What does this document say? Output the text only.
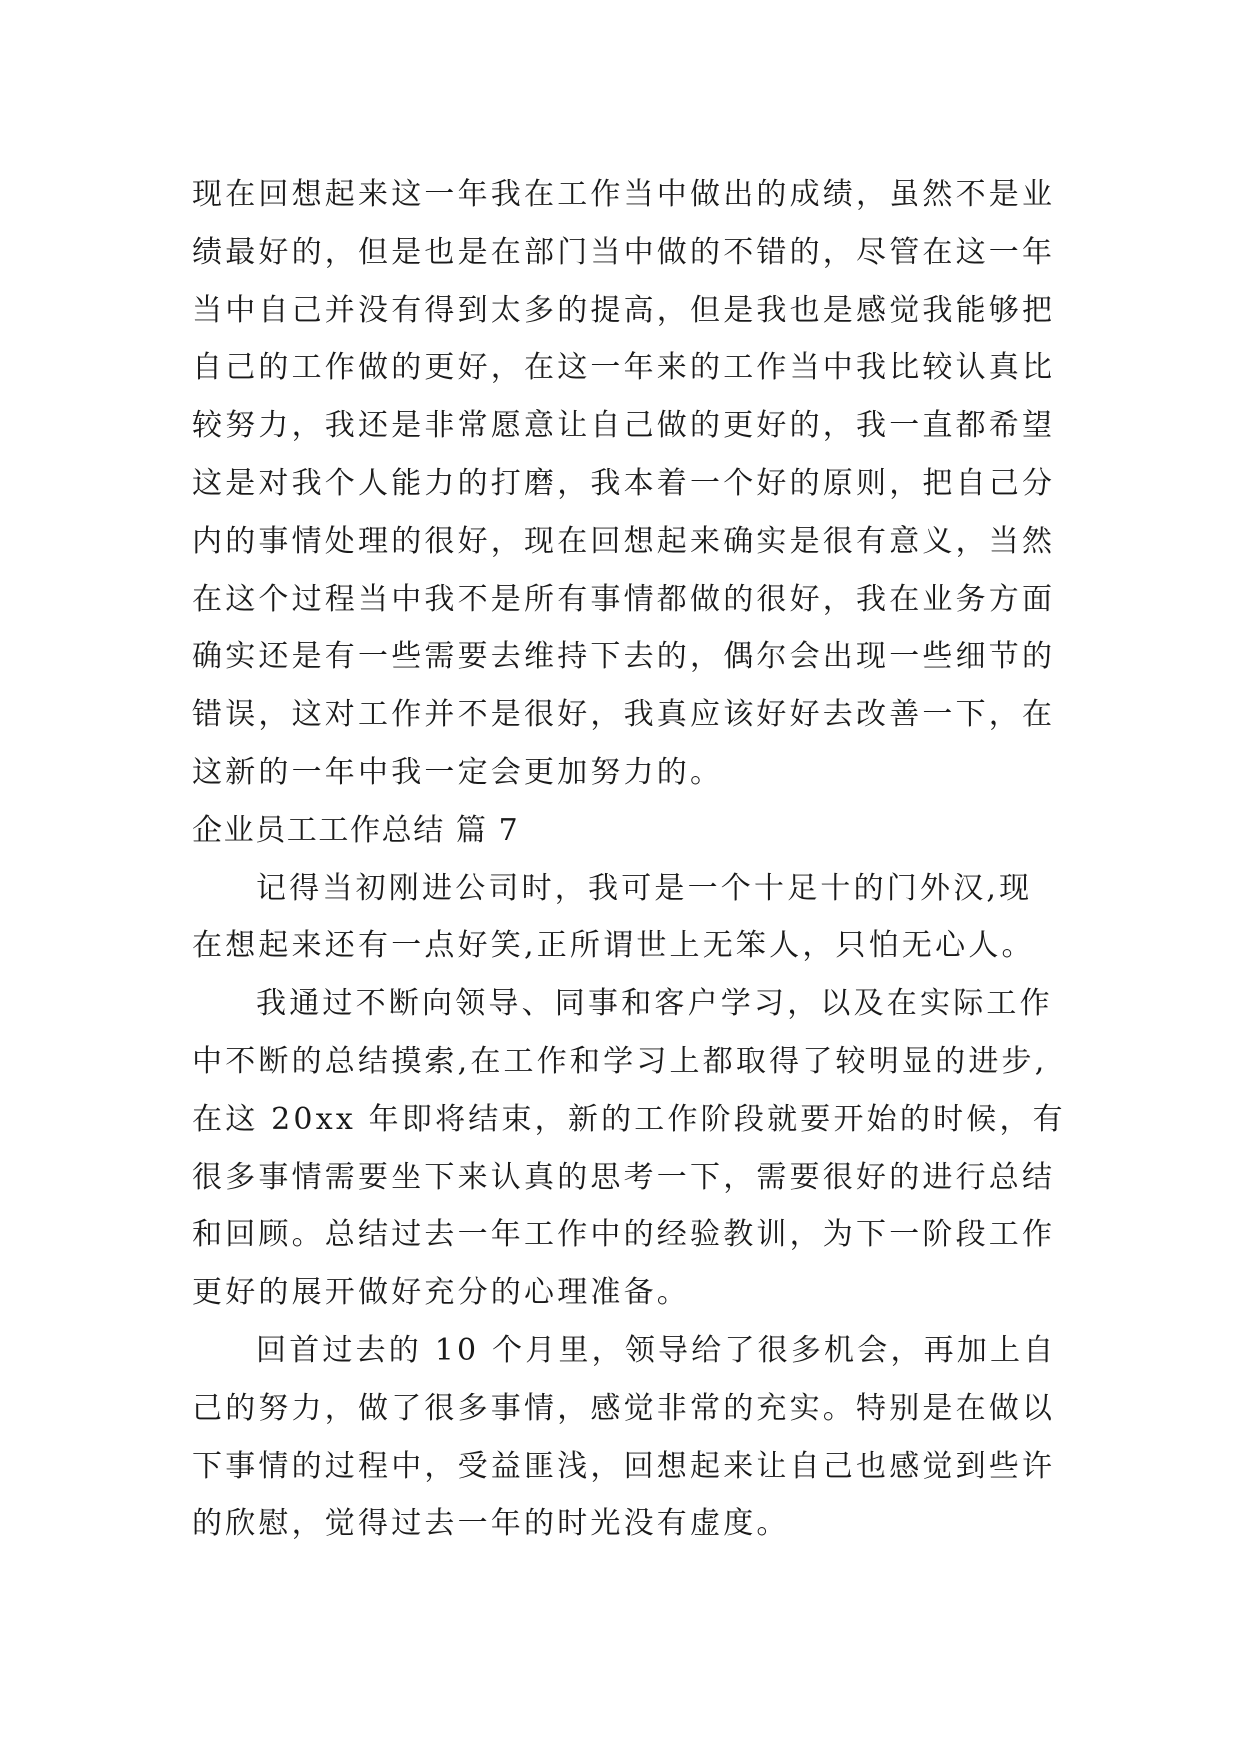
现在回想起来这一年我在工作当中做出的成绩，虽然不是业
绩最好的，但是也是在部门当中做的不错的，尽管在这一年
当中自己并没有得到太多的提高，但是我也是感觉我能够把
自己的工作做的更好，在这一年来的工作当中我比较认真比
较努力，我还是非常愿意让自己做的更好的，我一直都希望
这是对我个人能力的打磨，我本着一个好的原则，把自己分
内的事情处理的很好，现在回想起来确实是很有意义，当然
在这个过程当中我不是所有事情都做的很好，我在业务方面
确实还是有一些需要去维持下去的，偶尔会出现一些细节的
错误，这对工作并不是很好，我真应该好好去改善一下，在
这新的一年中我一定会更加努力的。
企业员工工作总结 篇 7
记得当初刚进公司时，我可是一个十足十的门外汉,现
在想起来还有一点好笑,正所谓世上无笨人，只怕无心人。
我通过不断向领导、同事和客户学习，以及在实际工作
中不断的总结摸索,在工作和学习上都取得了较明显的进步,
在这 20xx 年即将结束，新的工作阶段就要开始的时候，有
很多事情需要坐下来认真的思考一下，需要很好的进行总结
和回顾。总结过去一年工作中的经验教训，为下一阶段工作
更好的展开做好充分的心理准备。
回首过去的 10 个月里，领导给了很多机会，再加上自
己的努力，做了很多事情，感觉非常的充实。特别是在做以
下事情的过程中，受益匪浅，回想起来让自己也感觉到些许
的欣慰，觉得过去一年的时光没有虚度。
